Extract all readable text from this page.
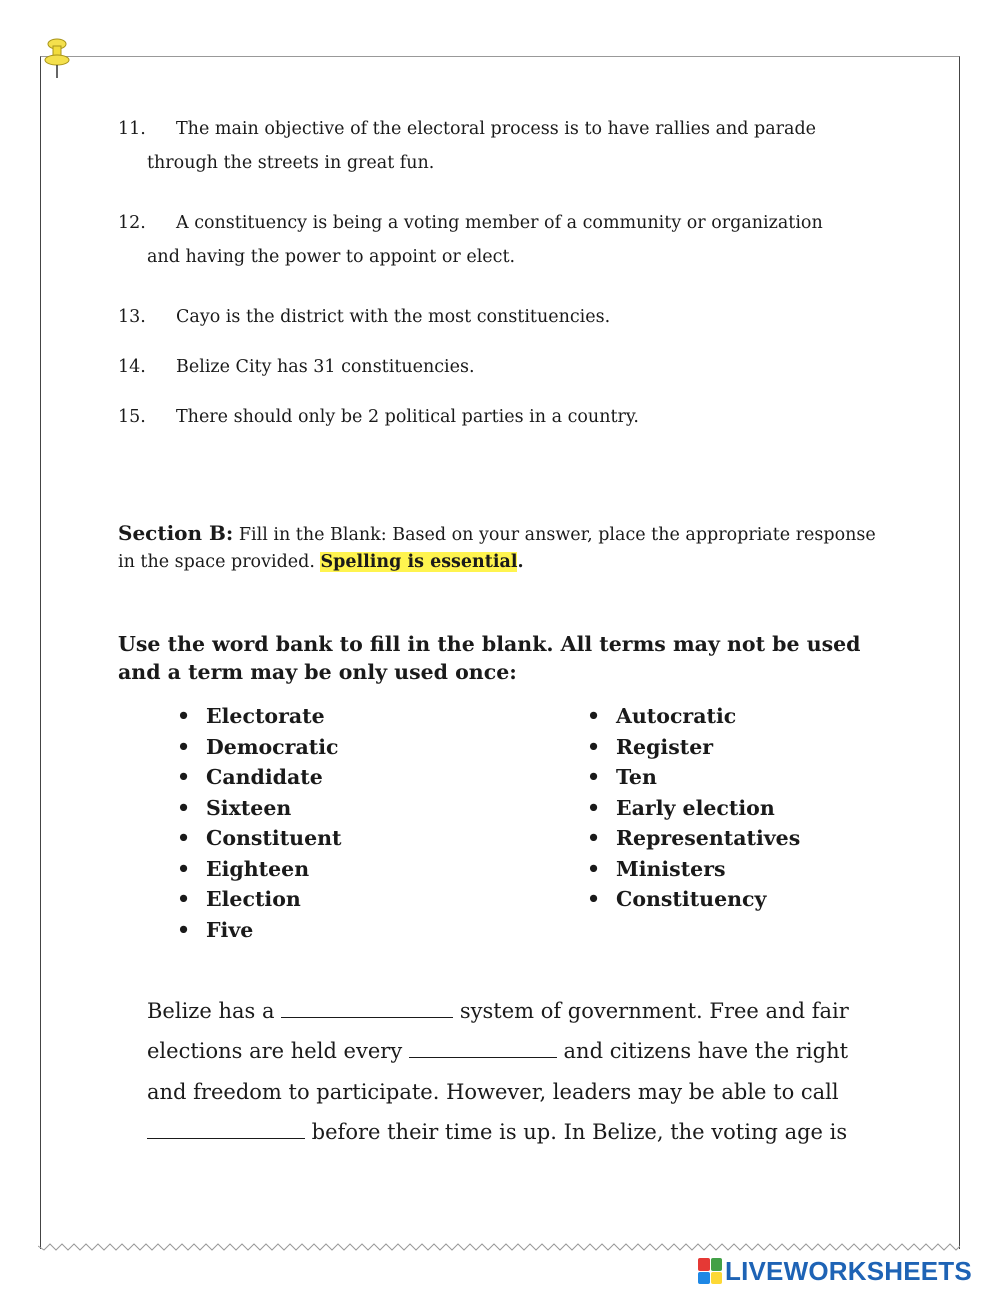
11. The main objective of the electoral process is to have rallies and parade
through the streets in great fun.
12. A constituency is being a voting member of a community or organization
and having the power to appoint or elect.
13. Cayo is the district with the most constituencies.
14. Belize City has 31 constituencies.
15. There should only be 2 political parties in a country.
Section B: Fill in the Blank: Based on your answer, place the appropriate response in the space provided. Spelling is essential.
Use the word bank to fill in the blank. All terms may not be used and a term may be only used once:
• Electorate
• Democratic
• Candidate
• Sixteen
• Constituent
• Eighteen
• Election
• Five
• Autocratic
• Register
• Ten
• Early election
• Representatives
• Ministers
• Constituency
Belize has a	system of government. Free and fair
elections are held every	and citizens have the right
and freedom to participate. However, leaders may be able to call
before their time is up. In Belize, the voting age is
LIVEWORKSHEETS
